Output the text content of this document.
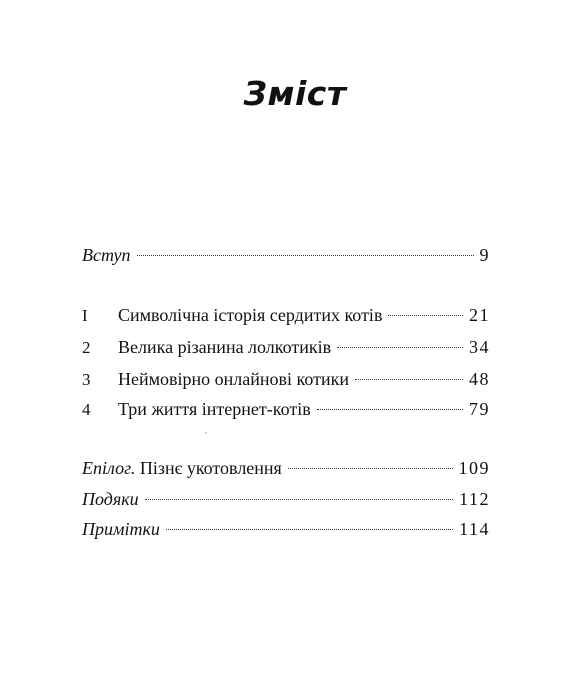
Зміст
Вступ	9
I	Символічна історія сердитих котів	21
2	Велика різанина лолкотиків	34
3	Неймовірно онлайнові котики	48
4	Три життя інтернет-котів	79
Епілог. Пізнє укотовлення	109
Подяки	112
Примітки	114
